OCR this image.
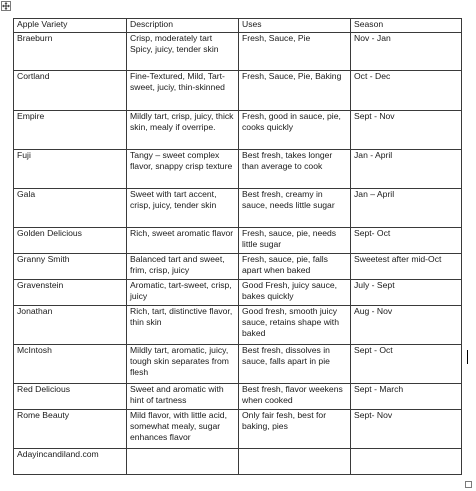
Apple Variety	Description	Uses	Season
Braeburn	Crisp, moderately tart Spicy, juicy, tender skin	Fresh, Sauce, Pie	Nov - Jan
Cortland	Fine-Textured, Mild, Tart-sweet, juciy, thin-skinned	Fresh, Sauce, Pie, Baking	Oct - Dec
Empire	Mildly tart, crisp, juicy, thick skin, mealy if overripe.	Fresh, good in sauce, pie, cooks quickly	Sept - Nov
Fuji	Tangy – sweet complex flavor, snappy crisp texture	Best fresh, takes longer than average to cook	Jan - April
Gala	Sweet with tart accent, crisp, juicy, tender skin	Best fresh, creamy in sauce, needs little sugar	Jan – April
Golden Delicious	Rich, sweet aromatic flavor	Fresh, sauce, pie, needs little sugar	Sept- Oct
Granny Smith	Balanced tart and sweet, frim, crisp, juicy	Fresh, sauce, pie, falls apart when baked	Sweetest after mid-Oct
Gravenstein	Aromatic, tart-sweet, crisp, juicy	Good Fresh, juicy sauce, bakes quickly	July - Sept
Jonathan	Rich, tart, distinctive flavor, thin skin	Good fresh, smooth juicy sauce, retains shape with baked	Aug - Nov
McIntosh	Mildly tart, aromatic, juicy, tough skin separates from flesh	Best fresh, dissolves in sauce, falls apart in pie	Sept - Oct
Red Delicious	Sweet and aromatic with hint of tartness	Best fresh, flavor weekens when cooked	Sept - March
Rome Beauty	Mild flavor, with little acid, somewhat mealy, sugar enhances flavor	Only fair fesh, best for baking, pies	Sept- Nov
Adayincandiland.com			
